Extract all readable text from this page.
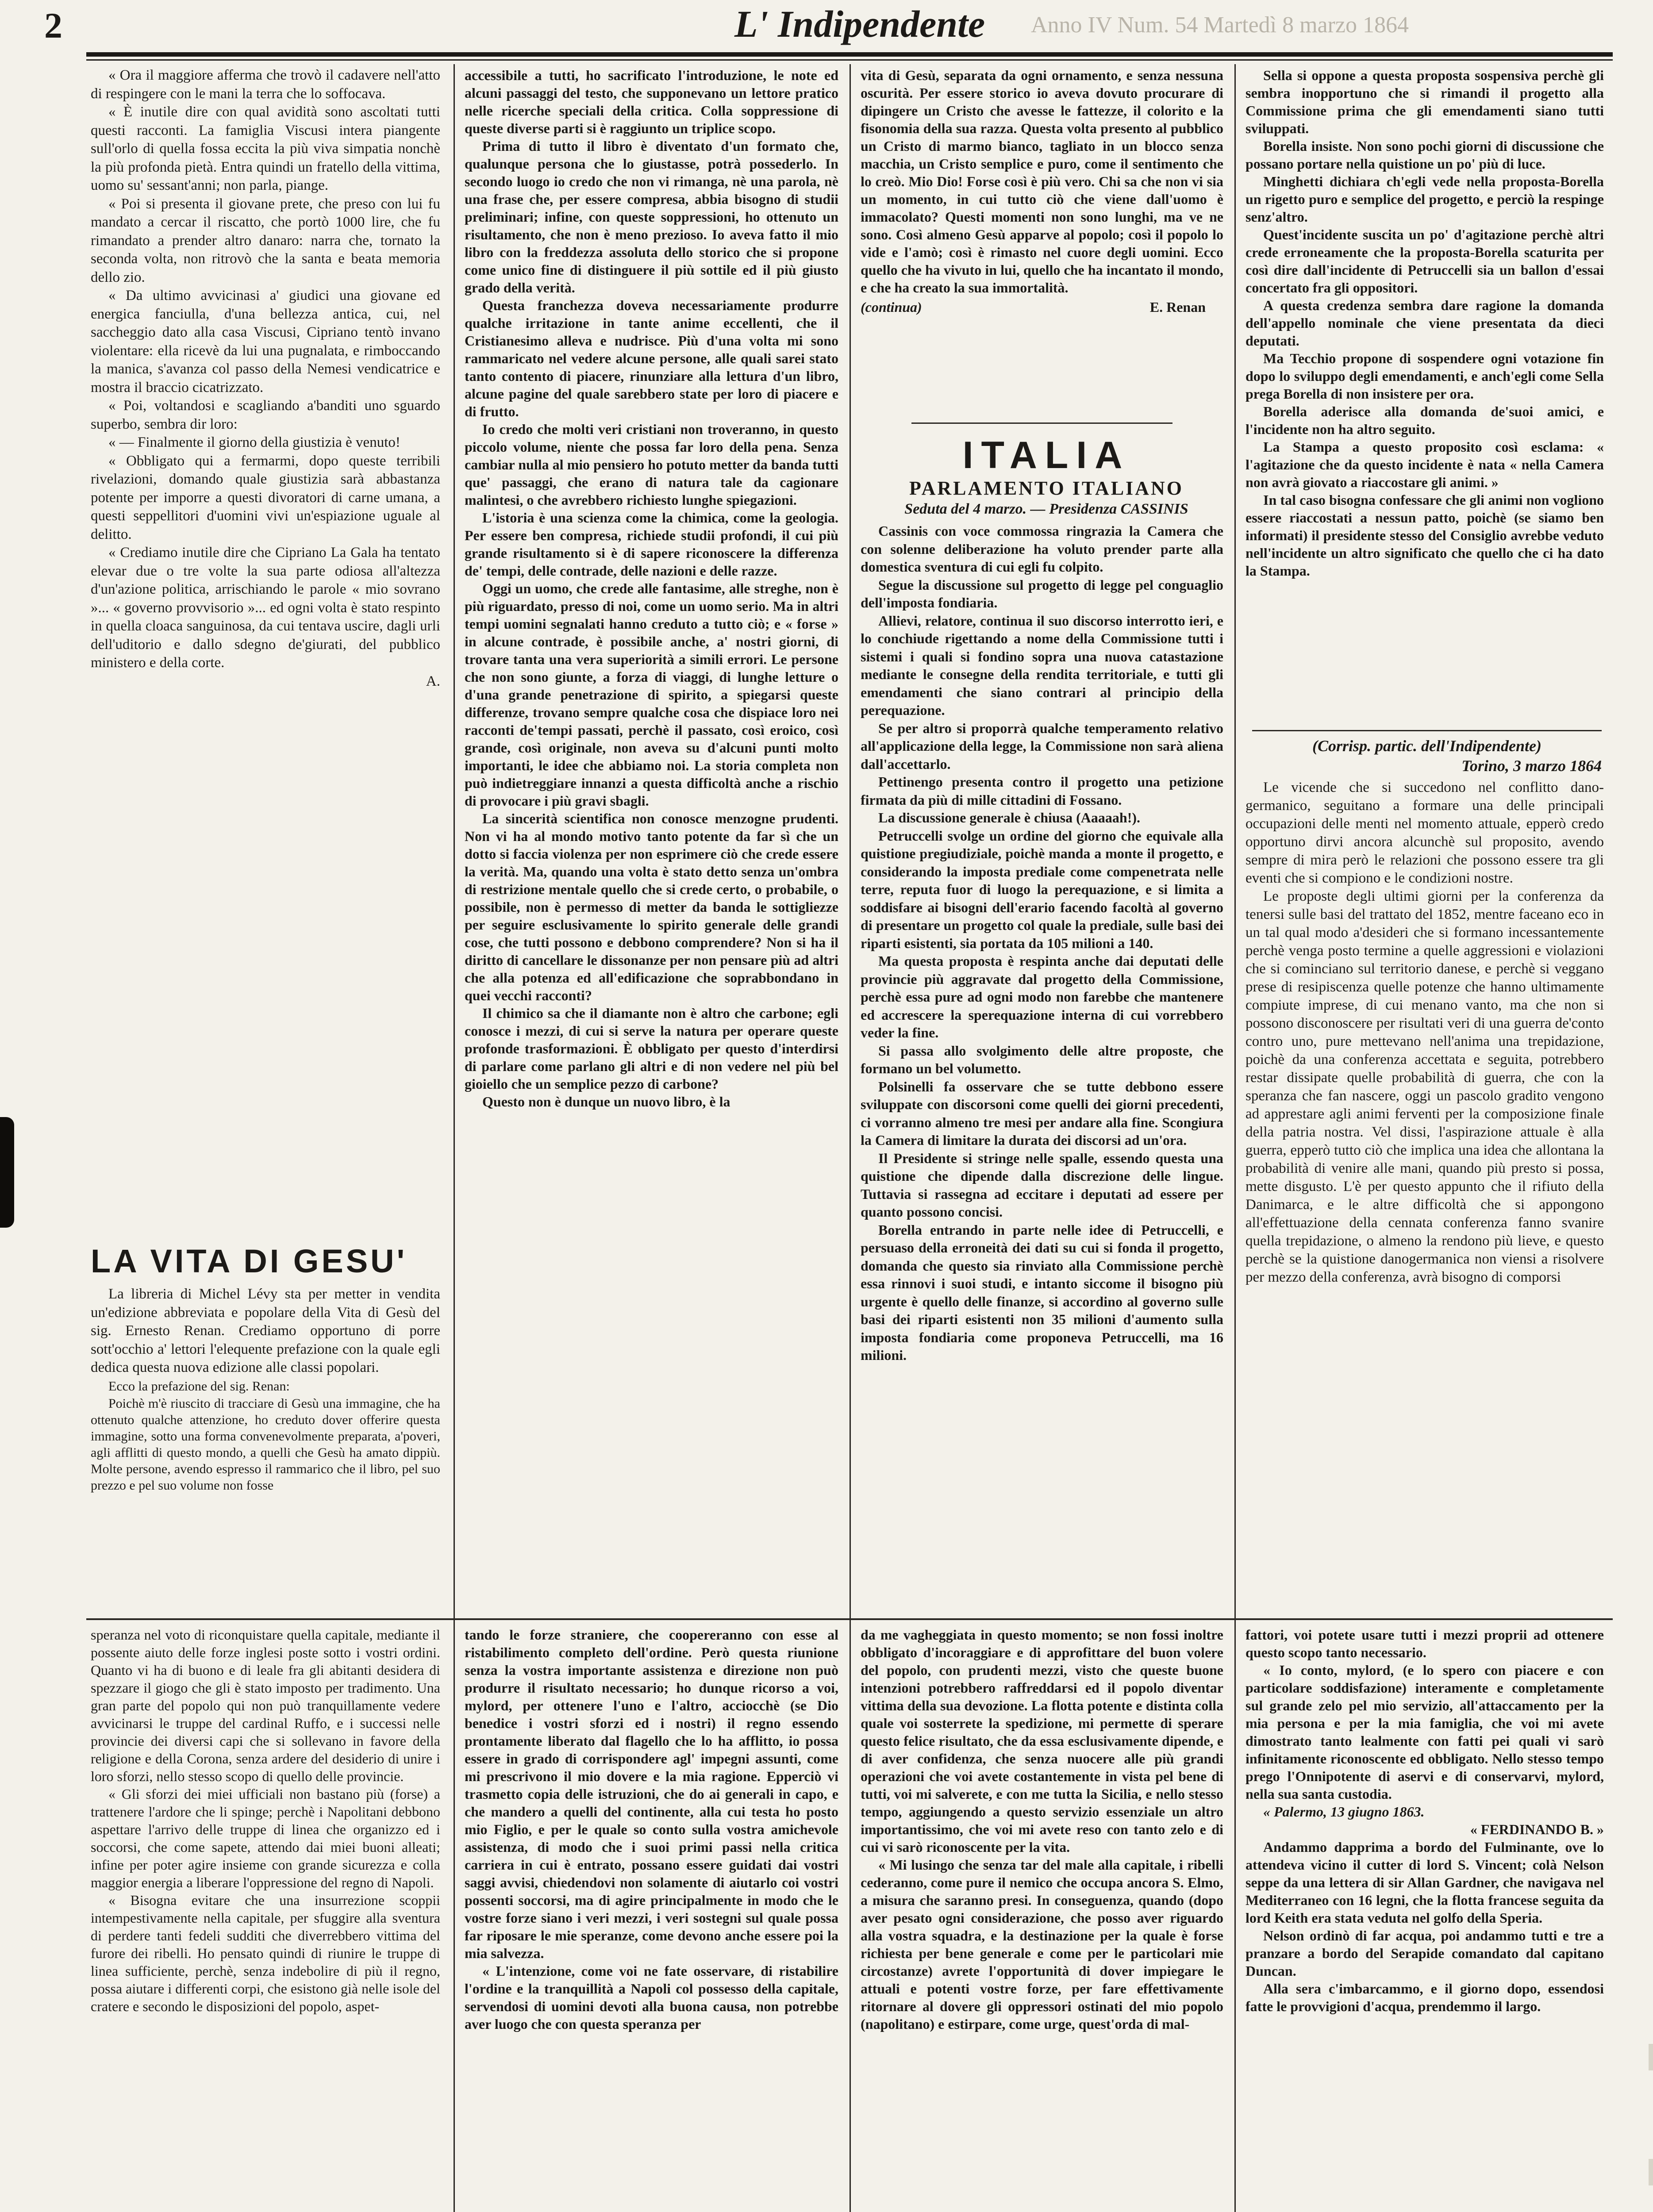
2	L' Indipendente Anno IV Num. 54 Martedì 8 marzo 1864

« Ora il maggiore afferma che trovò il cadavere nell'atto di respingere con le mani la terra che lo soffocava.

« È inutile dire con qual avidità sono ascoltati tutti questi racconti. La famiglia Viscusi intera piangente sull'orlo di quella fossa eccita la più viva simpatia nonchè la più profonda pietà. Entra quindi un fratello della vittima, uomo su' sessant'anni; non parla, piange.

« Poi si presenta il giovane prete, che preso con lui fu mandato a cercar il riscatto, che portò 1000 lire, che fu rimandato a prender altro danaro: narra che, tornato la seconda volta, non ritrovò che la santa e beata memoria dello zio.

« Da ultimo avvicinasi a' giudici una giovane ed energica fanciulla, d'una bellezza antica, cui, nel saccheggio dato alla casa Viscusi, Cipriano tentò invano violentare: ella ricevè da lui una pugnalata, e rimboccando la manica, s'avanza col passo della Nemesi vendicatrice e mostra il braccio cicatrizzato.

« Poi, voltandosi e scagliando a'banditi uno sguardo superbo, sembra dir loro:

« — Finalmente il giorno della giustizia è venuto!

« Obbligato qui a fermarmi, dopo queste terribili rivelazioni, domando quale giustizia sarà abbastanza potente per imporre a questi divoratori di carne umana, a questi seppellitori d'uomini vivi un'espiazione uguale al delitto.

« Crediamo inutile dire che Cipriano La Gala ha tentato elevar due o tre volte la sua parte odiosa all'altezza d'un'azione politica, arrischiando le parole « mio sovrano »... « governo provvisorio »... ed ogni volta è stato respinto in quella cloaca sanguinosa, da cui tentava uscire, dagli urli dell'uditorio e dallo sdegno de'giurati, del pubblico ministero e della corte.

A.

LA VITA DI GESU'

La libreria di Michel Lévy sta per metter in vendita un'edizione abbreviata e popolare della Vita di Gesù del sig. Ernesto Renan. Crediamo opportuno di porre sott'occhio a' lettori l'elequente prefazione con la quale egli dedica questa nuova edizione alle classi popolari.

Ecco la prefazione del sig. Renan:

Poichè m'è riuscito di tracciare di Gesù una immagine, che ha ottenuto qualche attenzione, ho creduto dover offerire questa immagine, sotto una forma convenevolmente preparata, a'poveri, agli afflitti di questo mondo, a quelli che Gesù ha amato dippiù. Molte persone, avendo espresso il rammarico che il libro, pel suo prezzo e pel suo volume non fosse

accessibile a tutti, ho sacrificato l'introduzione, le note ed alcuni passaggi del testo, che supponevano un lettore pratico nelle ricerche speciali della critica. Colla soppressione di queste diverse parti si è raggiunto un triplice scopo.

Prima di tutto il libro è diventato d'un formato che, qualunque persona che lo giustasse, potrà possederlo. In secondo luogo io credo che non vi rimanga, nè una parola, nè una frase che, per essere compresa, abbia bisogno di studii preliminari; infine, con queste soppressioni, ho ottenuto un risultamento, che non è meno prezioso. Io aveva fatto il mio libro con la freddezza assoluta dello storico che si propone come unico fine di distinguere il più sottile ed il più giusto grado della verità.

Questa franchezza doveva necessariamente produrre qualche irritazione in tante anime eccellenti, che il Cristianesimo alleva e nudrisce. Più d'una volta mi sono rammaricato nel vedere alcune persone, alle quali sarei stato tanto contento di piacere, rinunziare alla lettura d'un libro, alcune pagine del quale sarebbero state per loro di piacere e di frutto.

Io credo che molti veri cristiani non troveranno, in questo piccolo volume, niente che possa far loro della pena. Senza cambiar nulla al mio pensiero ho potuto metter da banda tutti que' passaggi, che erano di natura tale da cagionare malintesi, o che avrebbero richiesto lunghe spiegazioni.

L'istoria è una scienza come la chimica, come la geologia. Per essere ben compresa, richiede studii profondi, il cui più grande risultamento si è di sapere riconoscere la differenza de' tempi, delle contrade, delle nazioni e delle razze.

Oggi un uomo, che crede alle fantasime, alle streghe, non è più riguardato, presso di noi, come un uomo serio. Ma in altri tempi uomini segnalati hanno creduto a tutto ciò; e « forse » in alcune contrade, è possibile anche, a' nostri giorni, di trovare tanta una vera superiorità a simili errori. Le persone che non sono giunte, a forza di viaggi, di lunghe letture o d'una grande penetrazione di spirito, a spiegarsi queste differenze, trovano sempre qualche cosa che dispiace loro nei racconti de'tempi passati, perchè il passato, così eroico, così grande, così originale, non aveva su d'alcuni punti molto importanti, le idee che abbiamo noi. La storia completa non può indietreggiare innanzi a questa difficoltà anche a rischio di provocare i più gravi sbagli.

La sincerità scientifica non conosce menzogne prudenti. Non vi ha al mondo motivo tanto potente da far sì che un dotto si faccia violenza per non esprimere ciò che crede essere la verità. Ma, quando una volta è stato detto senza un'ombra di restrizione mentale quello che si crede certo, o probabile, o possibile, non è permesso di metter da banda le sottigliezze per seguire esclusivamente lo spirito generale delle grandi cose, che tutti possono e debbono comprendere? Non si ha il diritto di cancellare le dissonanze per non pensare più ad altri che alla potenza ed all'edificazione che soprabbondano in quei vecchi racconti?

Il chimico sa che il diamante non è altro che carbone; egli conosce i mezzi, di cui si serve la natura per operare queste profonde trasformazioni. È obbligato per questo d'interdirsi di parlare come parlano gli altri e di non vedere nel più bel gioiello che un semplice pezzo di carbone?

Questo non è dunque un nuovo libro, è la

vita di Gesù, separata da ogni ornamento, e senza nessuna oscurità. Per essere storico io aveva dovuto procurare di dipingere un Cristo che avesse le fattezze, il colorito e la fisonomia della sua razza. Questa volta presento al pubblico un Cristo di marmo bianco, tagliato in un blocco senza macchia, un Cristo semplice e puro, come il sentimento che lo creò. Mio Dio! Forse così è più vero. Chi sa che non vi sia un momento, in cui tutto ciò che viene dall'uomo è immacolato? Questi momenti non sono lunghi, ma ve ne sono. Così almeno Gesù apparve al popolo; così il popolo lo vide e l'amò; così è rimasto nel cuore degli uomini. Ecco quello che ha vivuto in lui, quello che ha incantato il mondo, e che ha creato la sua immortalità.

(continua)	E. Renan
ITALIA
PARLAMENTO ITALIANO
Seduta del 4 marzo. — Presidenza CASSINIS

Cassinis con voce commossa ringrazia la Camera che con solenne deliberazione ha voluto prender parte alla domestica sventura di cui egli fu colpito.

Segue la discussione sul progetto di legge pel conguaglio dell'imposta fondiaria.

Allievi, relatore, continua il suo discorso interrotto ieri, e lo conchiude rigettando a nome della Commissione tutti i sistemi i quali si fondino sopra una nuova catastazione mediante le consegne della rendita territoriale, e tutti gli emendamenti che siano contrari al principio della perequazione.

Se per altro si proporrà qualche temperamento relativo all'applicazione della legge, la Commissione non sarà aliena dall'accettarlo.

Pettinengo presenta contro il progetto una petizione firmata da più di mille cittadini di Fossano.

La discussione generale è chiusa (Aaaaah!).

Petruccelli svolge un ordine del giorno che equivale alla quistione pregiudiziale, poichè manda a monte il progetto, e considerando la imposta prediale come compenetrata nelle terre, reputa fuor di luogo la perequazione, e si limita a soddisfare ai bisogni dell'erario facendo facoltà al governo di presentare un progetto col quale la prediale, sulle basi dei riparti esistenti, sia portata da 105 milioni a 140.

Ma questa proposta è respinta anche dai deputati delle provincie più aggravate dal progetto della Commissione, perchè essa pure ad ogni modo non farebbe che mantenere ed accrescere la sperequazione interna di cui vorrebbero veder la fine.

Si passa allo svolgimento delle altre proposte, che formano un bel volumetto.

Polsinelli fa osservare che se tutte debbono essere sviluppate con discorsoni come quelli dei giorni precedenti, ci vorranno almeno tre mesi per andare alla fine. Scongiura la Camera di limitare la durata dei discorsi ad un'ora.

Il Presidente si stringe nelle spalle, essendo questa una quistione che dipende dalla discrezione delle lingue. Tuttavia si rassegna ad eccitare i deputati ad essere per quanto possono concisi.

Borella entrando in parte nelle idee di Petruccelli, e persuaso della erroneità dei dati su cui si fonda il progetto, domanda che questo sia rinviato alla Commissione perchè essa rinnovi i suoi studi, e intanto siccome il bisogno più urgente è quello delle finanze, si accordino al governo sulle basi dei riparti esistenti non 35 milioni d'aumento sulla imposta fondiaria come proponeva Petruccelli, ma 16 milioni.

Sella si oppone a questa proposta sospensiva perchè gli sembra inopportuno che si rimandi il progetto alla Commissione prima che gli emendamenti siano tutti sviluppati.

Borella insiste. Non sono pochi giorni di discussione che possano portare nella quistione un po' più di luce.

Minghetti dichiara ch'egli vede nella proposta-Borella un rigetto puro e semplice del progetto, e perciò la respinge senz'altro.

Quest'incidente suscita un po' d'agitazione perchè altri crede erroneamente che la proposta-Borella scaturita per così dire dall'incidente di Petruccelli sia un ballon d'essai concertato fra gli oppositori.

A questa credenza sembra dare ragione la domanda dell'appello nominale che viene presentata da dieci deputati.

Ma Tecchio propone di sospendere ogni votazione fin dopo lo sviluppo degli emendamenti, e anch'egli come Sella prega Borella di non insistere per ora.

Borella aderisce alla domanda de'suoi amici, e l'incidente non ha altro seguito.

La Stampa a questo proposito così esclama: « l'agitazione che da questo incidente è nata « nella Camera non avrà giovato a riaccostare gli animi. »

In tal caso bisogna confessare che gli animi non vogliono essere riaccostati a nessun patto, poichè (se siamo ben informati) il presidente stesso del Consiglio avrebbe veduto nell'incidente un altro significato che quello che ci ha dato la Stampa.

(Corrisp. partic. dell'Indipendente)
Torino, 3 marzo 1864

Le vicende che si succedono nel conflitto dano-germanico, seguitano a formare una delle principali occupazioni delle menti nel momento attuale, epperò credo opportuno dirvi ancora alcunchè sul proposito, avendo sempre di mira però le relazioni che possono essere tra gli eventi che si compiono e le condizioni nostre.

Le proposte degli ultimi giorni per la conferenza da tenersi sulle basi del trattato del 1852, mentre faceano eco in un tal qual modo a'desideri che si formano incessantemente perchè venga posto termine a quelle aggressioni e violazioni che si cominciano sul territorio danese, e perchè si veggano prese di resipiscenza quelle potenze che hanno ultimamente compiute imprese, di cui menano vanto, ma che non si possono disconoscere per risultati veri di una guerra de'conto contro uno, pure mettevano nell'anima una trepidazione, poichè da una conferenza accettata e seguita, potrebbero restar dissipate quelle probabilità di guerra, che con la speranza che fan nascere, oggi un pascolo gradito vengono ad apprestare agli animi ferventi per la composizione finale della patria nostra. Vel dissi, l'aspirazione attuale è alla guerra, epperò tutto ciò che implica una idea che allontana la probabilità di venire alle mani, quando più presto si possa, mette disgusto. L'è per questo appunto che il rifiuto della Danimarca, e le altre difficoltà che si appongono all'effettuazione della cennata conferenza fanno svanire quella trepidazione, o almeno la rendono più lieve, e questo perchè se la quistione danogermanica non viensi a risolvere per mezzo della conferenza, avrà bisogno di comporsi

speranza nel voto di riconquistare quella capitale, mediante il possente aiuto delle forze inglesi poste sotto i vostri ordini. Quanto vi ha di buono e di leale fra gli abitanti desidera di spezzare il giogo che gli è stato imposto per tradimento. Una gran parte del popolo qui non può tranquillamente vedere avvicinarsi le truppe del cardinal Ruffo, e i successi nelle provincie dei diversi capi che si sollevano in favore della religione e della Corona, senza ardere del desiderio di unire i loro sforzi, nello stesso scopo di quello delle provincie.

« Gli sforzi dei miei ufficiali non bastano più (forse) a trattenere l'ardore che li spinge; perchè i Napolitani debbono aspettare l'arrivo delle truppe di linea che organizzo ed i soccorsi, che come sapete, attendo dai miei buoni alleati; infine per poter agire insieme con grande sicurezza e colla maggior energia a liberare l'oppressione del regno di Napoli.

« Bisogna evitare che una insurrezione scoppii intempestivamente nella capitale, per sfuggire alla sventura di perdere tanti fedeli sudditi che diverrebbero vittima del furore dei ribelli. Ho pensato quindi di riunire le truppe di linea sufficiente, perchè, senza indebolire di più il regno, possa aiutare i differenti corpi, che esistono già nelle isole del cratere e secondo le disposizioni del popolo, aspet-

tando le forze straniere, che coopereranno con esse al ristabilimento completo dell'ordine. Però questa riunione senza la vostra importante assistenza e direzione non può produrre il risultato necessario; ho dunque ricorso a voi, mylord, per ottenere l'uno e l'altro, acciocchè (se Dio benedice i vostri sforzi ed i nostri) il regno essendo prontamente liberato dal flagello che lo ha afflitto, io possa essere in grado di corrispondere agl' impegni assunti, come mi prescrivono il mio dovere e la mia ragione. Epperciò vi trasmetto copia delle istruzioni, che do ai generali in capo, e che mandero a quelli del continente, alla cui testa ho posto mio Figlio, e per le quale so conto sulla vostra amichevole assistenza, di modo che i suoi primi passi nella critica carriera in cui è entrato, possano essere guidati dai vostri saggi avvisi, chiedendovi non solamente di aiutarlo coi vostri possenti soccorsi, ma di agire principalmente in modo che le vostre forze siano i veri mezzi, i veri sostegni sul quale possa far riposare le mie speranze, come devono anche essere poi la mia salvezza.

« L'intenzione, come voi ne fate osservare, di ristabilire l'ordine e la tranquillità a Napoli col possesso della capitale, servendosi di uomini devoti alla buona causa, non potrebbe aver luogo che con questa speranza per

da me vagheggiata in questo momento; se non fossi inoltre obbligato d'incoraggiare e di approfittare del buon volere del popolo, con prudenti mezzi, visto che queste buone intenzioni potrebbero raffreddarsi ed il popolo diventar vittima della sua devozione. La flotta potente e distinta colla quale voi sosterrete la spedizione, mi permette di sperare questo felice risultato, che da essa esclusivamente dipende, e di aver confidenza, che senza nuocere alle più grandi operazioni che voi avete costantemente in vista pel bene di tutti, voi mi salverete, e con me tutta la Sicilia, e nello stesso tempo, aggiungendo a questo servizio essenziale un altro importantissimo, che voi mi avete reso con tanto zelo e di cui vi sarò riconoscente per la vita.

« Mi lusingo che senza tar del male alla capitale, i ribelli cederanno, come pure il nemico che occupa ancora S. Elmo, a misura che saranno presi. In conseguenza, quando (dopo aver pesato ogni considerazione, che posso aver riguardo alla vostra squadra, e la destinazione per la quale è forse richiesta per bene generale e come per le particolari mie circostanze) avrete l'opportunità di dover impiegare le attuali e potenti vostre forze, per fare effettivamente ritornare al dovere gli oppressori ostinati del mio popolo (napolitano) e estirpare, come urge, quest'orda di mal-

fattori, voi potete usare tutti i mezzi proprii ad ottenere questo scopo tanto necessario.

« Io conto, mylord, (e lo spero con piacere e con particolare soddisfazione) interamente e completamente sul grande zelo pel mio servizio, all'attaccamento per la mia persona e per la mia famiglia, che voi mi avete dimostrato tanto lealmente con fatti pei quali vi sarò infinitamente riconoscente ed obbligato. Nello stesso tempo prego l'Onnipotente di aservi e di conservarvi, mylord, nella sua santa custodia.

« Palermo, 13 giugno 1863.

« FERDINANDO B. »

Andammo dapprima a bordo del Fulminante, ove lo attendeva vicino il cutter di lord S. Vincent; colà Nelson seppe da una lettera di sir Allan Gardner, che navigava nel Mediterraneo con 16 legni, che la flotta francese seguita da lord Keith era stata veduta nel golfo della Speria.

Nelson ordinò di far acqua, poi andammo tutti e tre a pranzare a bordo del Serapide comandato dal capitano Duncan.

Alla sera c'imbarcammo, e il giorno dopo, essendosi fatte le provvigioni d'acqua, prendemmo il largo.
